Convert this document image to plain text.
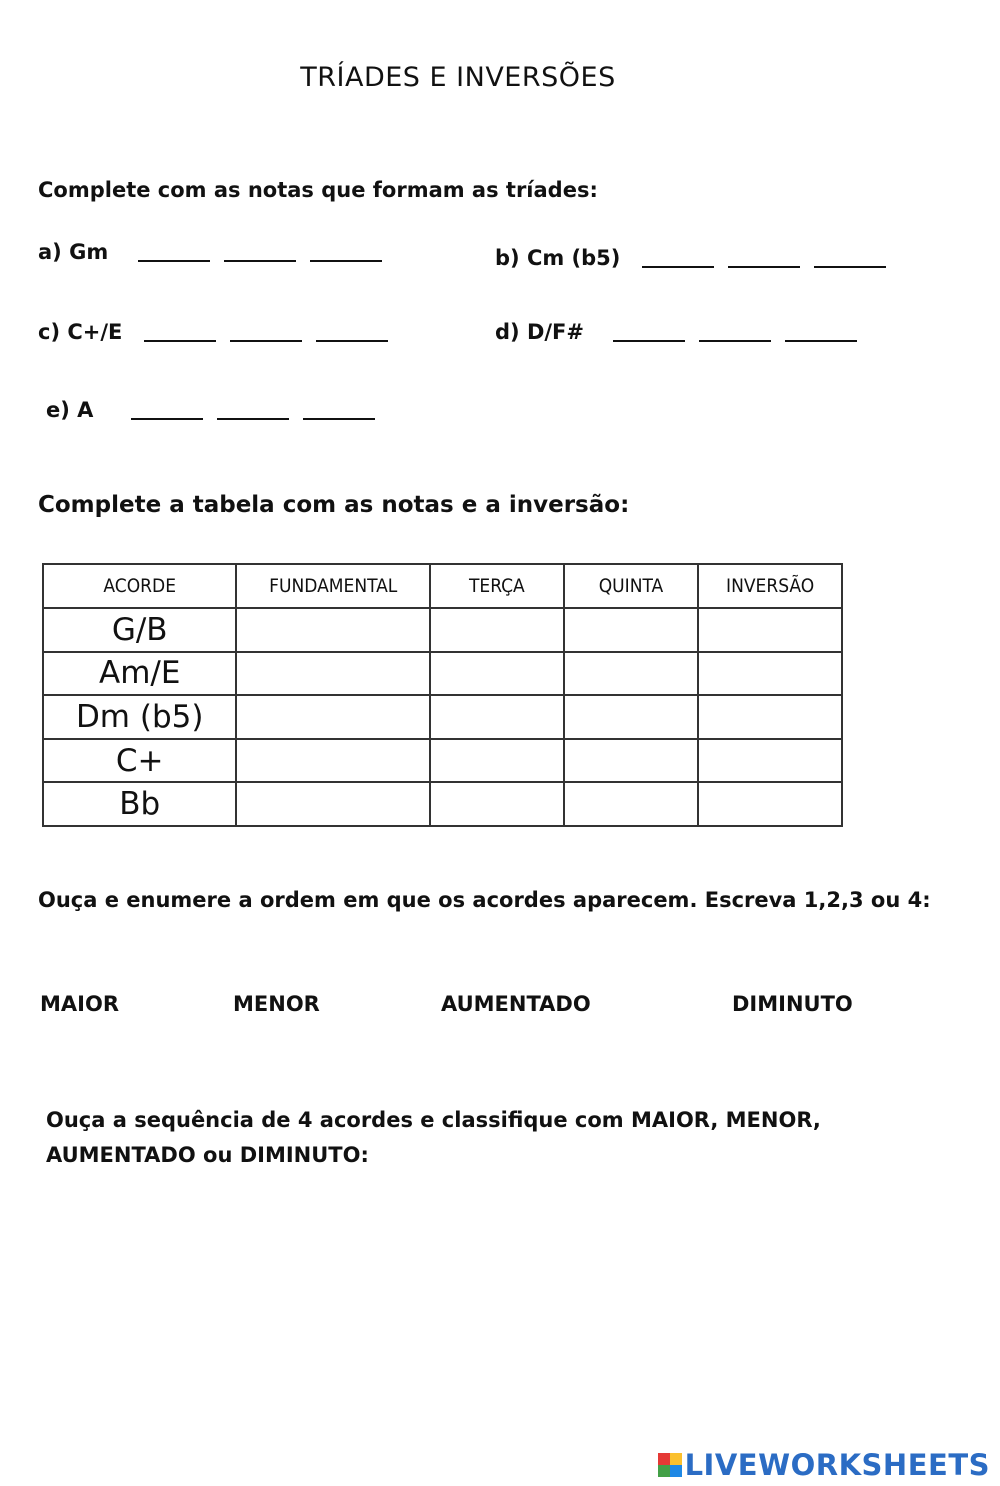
TRÍADES E INVERSÕES
Complete com as notas que formam as tríades:
a) Gm	b) Cm (b5)
c) C+/E	d) D/F#
e) A
Complete a tabela com as notas e a inversão:
ACORDE	FUNDAMENTAL	TERÇA	QUINTA	INVERSÃO
G/B				
Am/E				
Dm (b5)				
C+				
Bb				
Ouça e enumere a ordem em que os acordes aparecem. Escreva 1,2,3 ou 4:
MAIOR	MENOR	AUMENTADO	DIMINUTO
Ouça a sequência de 4 acordes e classifique com MAIOR, MENOR,
AUMENTADO ou DIMINUTO:
LIVEWORKSHEETS
